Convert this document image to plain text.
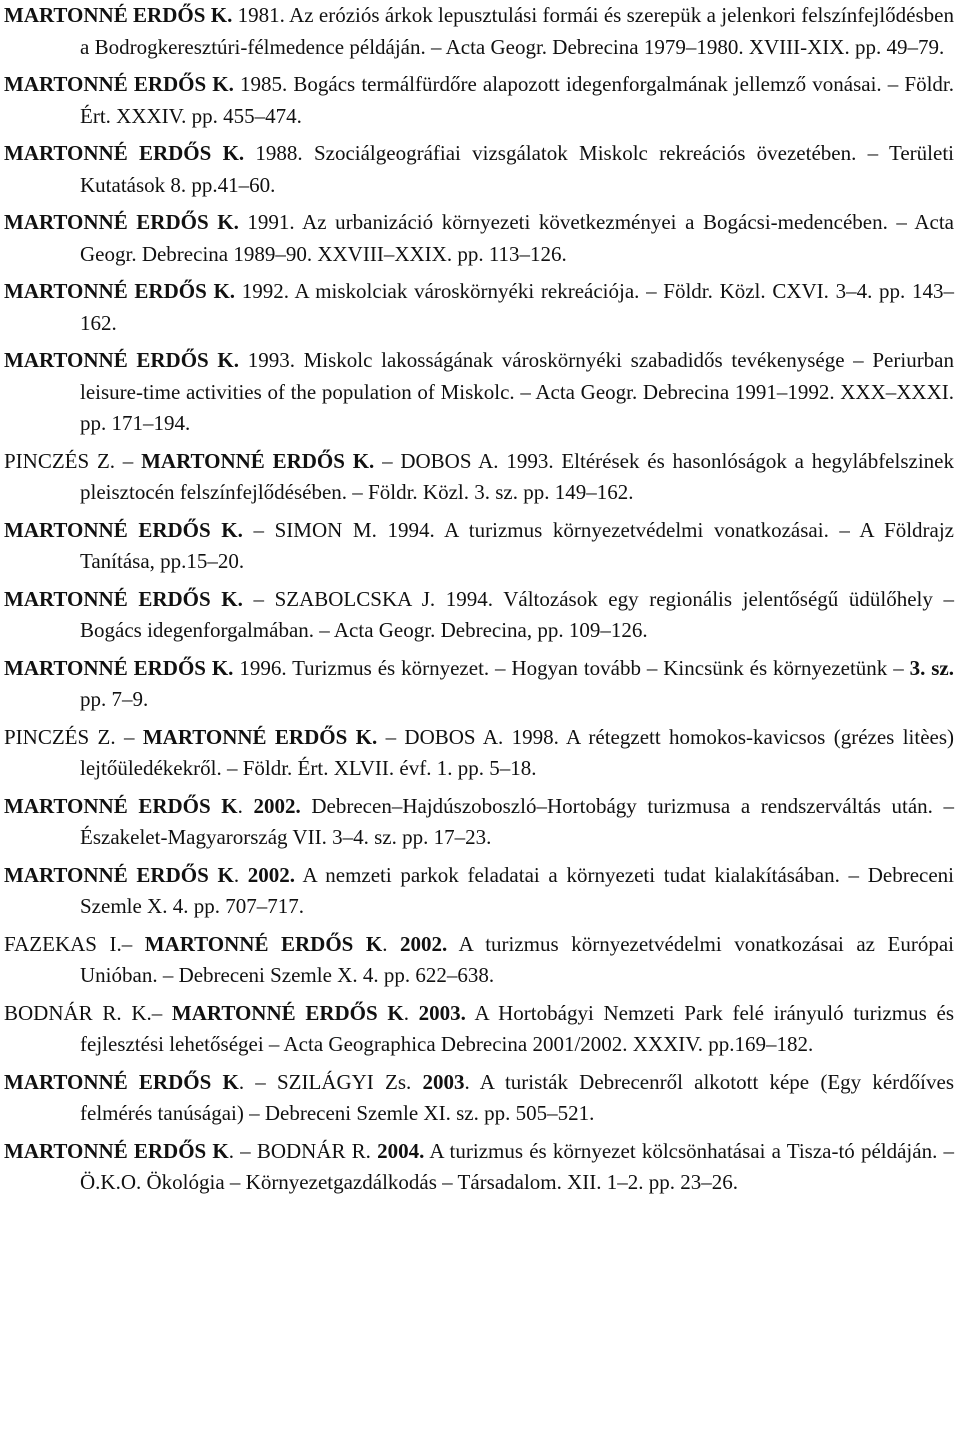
MARTONNÉ ERDŐS K. 1981. Az eróziós árkok lepusztulási formái és szerepük a jelenkori felszínfejlődésben a Bodrogkeresztúri-félmedence példáján. – Acta Geogr. Debrecina 1979–1980. XVIII-XIX. pp. 49–79.

MARTONNÉ ERDŐS K. 1985. Bogács termálfürdőre alapozott idegenforgalmának jellemző vonásai. – Földr. Ért. XXXIV. pp. 455–474.

MARTONNÉ ERDŐS K. 1988. Szociálgeográfiai vizsgálatok Miskolc rekreációs övezetében. – Területi Kutatások 8. pp.41–60.

MARTONNÉ ERDŐS K. 1991. Az urbanizáció környezeti következményei a Bogácsi-medencében. – Acta Geogr. Debrecina 1989–90. XXVIII–XXIX. pp. 113–126.

MARTONNÉ ERDŐS K. 1992. A miskolciak városkörnyéki rekreációja. – Földr. Közl. CXVI. 3–4. pp. 143–162.

MARTONNÉ ERDŐS K. 1993. Miskolc lakosságának városkörnyéki szabadidős tevékenysége – Periurban leisure-time activities of the population of Miskolc. – Acta Geogr. Debrecina 1991–1992. XXX–XXXI. pp. 171–194.

PINCZÉS Z. – MARTONNÉ ERDŐS K. – DOBOS A. 1993. Eltérések és hasonlóságok a hegylábfelszinek pleisztocén felszínfejlődésében. – Földr. Közl. 3. sz. pp. 149–162.

MARTONNÉ ERDŐS K. – SIMON M. 1994. A turizmus környezetvédelmi vonatkozásai. – A Földrajz Tanítása, pp.15–20.

MARTONNÉ ERDŐS K. – SZABOLCSKA J. 1994. Változások egy regionális jelentőségű üdülőhely – Bogács idegenforgalmában. – Acta Geogr. Debrecina, pp. 109–126.

MARTONNÉ ERDŐS K. 1996. Turizmus és környezet. – Hogyan tovább – Kincsünk és környezetünk – 3. sz. pp. 7–9.

PINCZÉS Z. – MARTONNÉ ERDŐS K. – DOBOS A. 1998. A rétegzett homokos-kavicsos (grézes litèes) lejtőüledékekről. – Földr. Ért. XLVII. évf. 1. pp. 5–18.

MARTONNÉ ERDŐS K. 2002. Debrecen–Hajdúszoboszló–Hortobágy turizmusa a rendszerváltás után. – Északelet-Magyarország VII. 3–4. sz. pp. 17–23.

MARTONNÉ ERDŐS K. 2002. A nemzeti parkok feladatai a környezeti tudat kialakításában. – Debreceni Szemle X. 4. pp. 707–717.

FAZEKAS I.– MARTONNÉ ERDŐS K. 2002. A turizmus környezetvédelmi vonatkozásai az Európai Unióban. – Debreceni Szemle X. 4. pp. 622–638.

BODNÁR R. K.– MARTONNÉ ERDŐS K. 2003. A Hortobágyi Nemzeti Park felé irányuló turizmus és fejlesztési lehetőségei – Acta Geographica Debrecina 2001/2002. XXXIV. pp.169–182.

MARTONNÉ ERDŐS K. – SZILÁGYI Zs. 2003. A turisták Debrecenről alkotott képe (Egy kérdőíves felmérés tanúságai) – Debreceni Szemle XI. sz. pp. 505–521.

MARTONNÉ ERDŐS K. – BODNÁR R. 2004. A turizmus és környezet kölcsönhatásai a Tisza-tó példáján. – Ö.K.O. Ökológia – Környezetgazdálkodás – Társadalom. XII. 1–2. pp. 23–26.
